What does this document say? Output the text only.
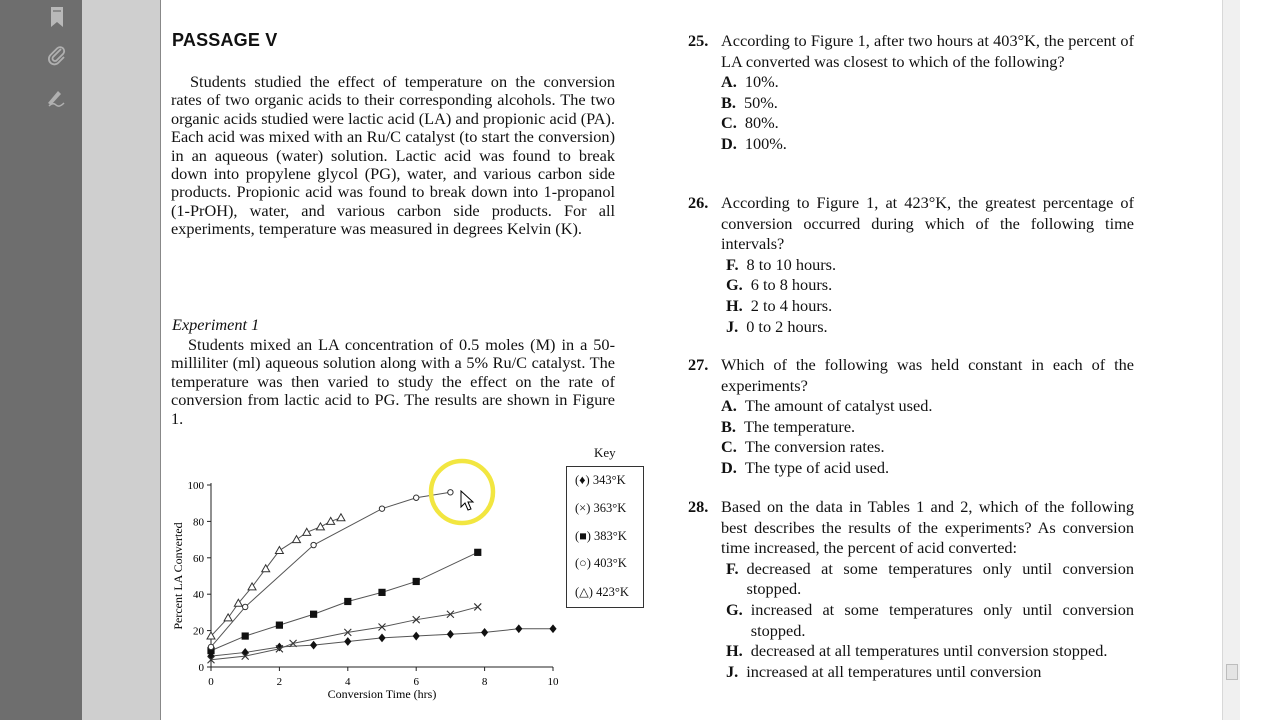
PASSAGE V
Students studied the effect of temperature on the conversion rates of two organic acids to their corresponding alcohols. The two organic acids studied were lactic acid (LA) and propionic acid (PA). Each acid was mixed with an Ru/C catalyst (to start the conversion) in an aqueous (water) solution. Lactic acid was found to break down into propylene glycol (PG), water, and various carbon side products. Propionic acid was found to break down into 1-propanol (1-PrOH), water, and various carbon side products. For all experiments, temperature was measured in degrees Kelvin (K).
Experiment 1
Students mixed an LA concentration of 0.5 moles (M) in a 50-milliliter (ml) aqueous solution along with a 5% Ru/C catalyst. The temperature was then varied to study the effect on the rate of conversion from lactic acid to PG. The results are shown in Figure 1.
0
20
40
60
80
100
0	2	4	6	8	10
Conversion Time (hrs)
Percent LA Converted
Key
(♦) 343°K
(×) 363°K
(■) 383°K
(○) 403°K
(△) 423°K
25. According to Figure 1, after two hours at 403°K, the percent of LA converted was closest to which of the following?
A. 10%.
B. 50%.
C. 80%.
D. 100%.
26. According to Figure 1, at 423°K, the greatest percentage of conversion occurred during which of the following time intervals?
F. 8 to 10 hours.
G. 6 to 8 hours.
H. 2 to 4 hours.
J. 0 to 2 hours.
27. Which of the following was held constant in each of the experiments?
A. The amount of catalyst used.
B. The temperature.
C. The conversion rates.
D. The type of acid used.
28. Based on the data in Tables 1 and 2, which of the following best describes the results of the experiments? As conversion time increased, the percent of acid converted:
F. decreased at some temperatures only until conversion stopped.
G. increased at some temperatures only until conversion stopped.
H. decreased at all temperatures until conversion stopped.
J. increased at all temperatures until conversion
